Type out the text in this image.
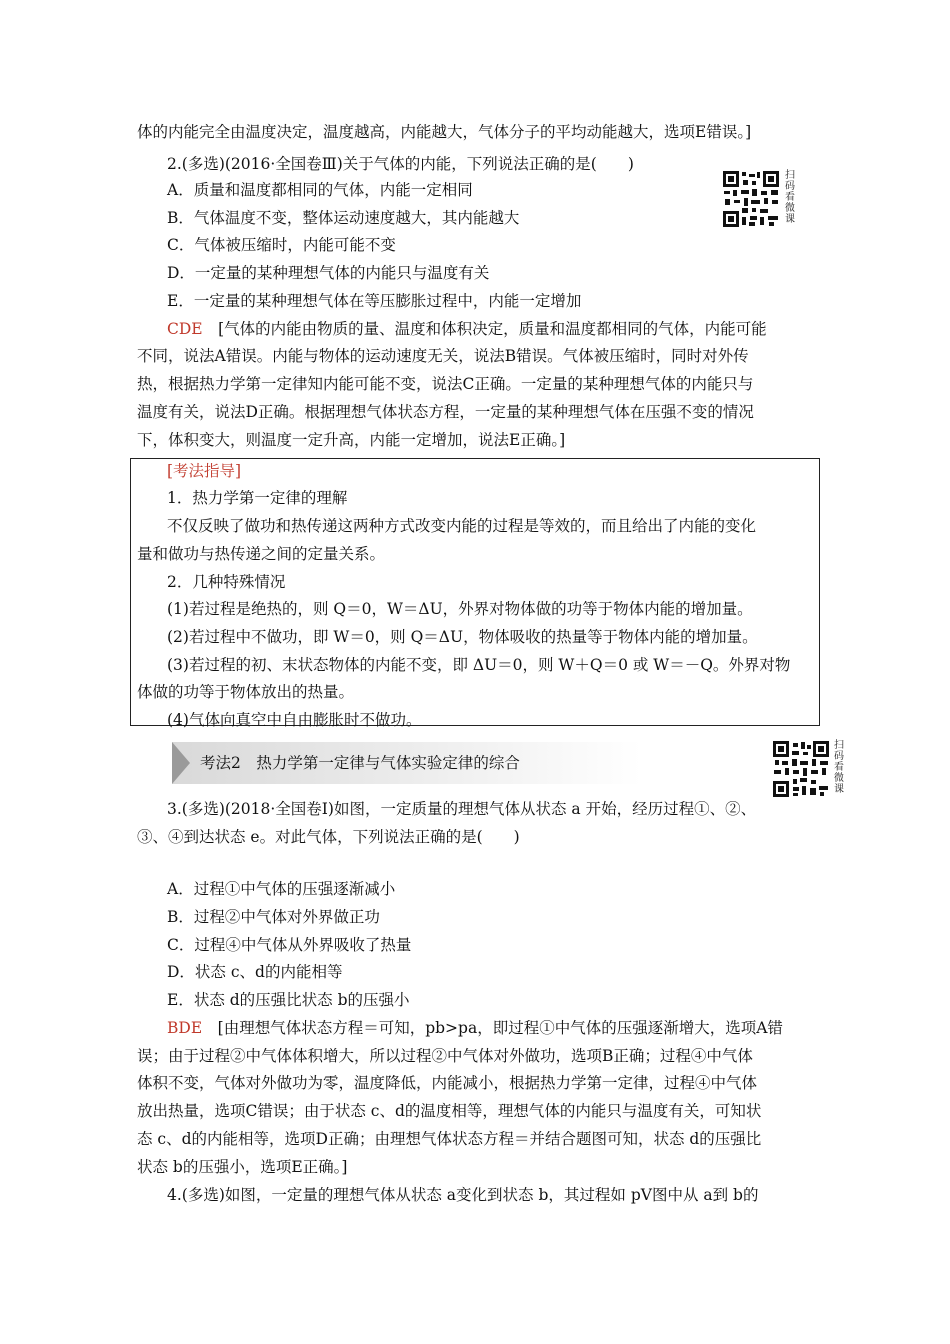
体的内能完全由温度决定，温度越高，内能越大，气体分子的平均动能越大，选项E错误。]
2.(多选)(2016·全国卷Ⅲ)关于气体的内能，下列说法正确的是(　　)
扫
码
看
微
课
A．质量和温度都相同的气体，内能一定相同
B．气体温度不变，整体运动速度越大，其内能越大
C．气体被压缩时，内能可能不变
D．一定量的某种理想气体的内能只与温度有关
E．一定量的某种理想气体在等压膨胀过程中，内能一定增加
CDE　 [气体的内能由物质的量、温度和体积决定，质量和温度都相同的气体，内能可能
不同，说法A错误。内能与物体的运动速度无关，说法B错误。气体被压缩时，同时对外传
热，根据热力学第一定律知内能可能不变，说法C正确。一定量的某种理想气体的内能只与
温度有关，说法D正确。根据理想气体状态方程，一定量的某种理想气体在压强不变的情况
下，体积变大，则温度一定升高，内能一定增加，说法E正确。]
[考法指导]
1．热力学第一定律的理解
不仅反映了做功和热传递这两种方式改变内能的过程是等效的，而且给出了内能的变化
量和做功与热传递之间的定量关系。
2．几种特殊情况
(1)若过程是绝热的，则 Q＝0，W＝ΔU，外界对物体做的功等于物体内能的增加量。
(2)若过程中不做功，即 W＝0，则 Q＝ΔU，物体吸收的热量等于物体内能的增加量。
(3)若过程的初、末状态物体的内能不变，即 ΔU＝0，则 W＋Q＝0 或 W＝－Q。外界对物
体做的功等于物体放出的热量。
(4)气体向真空中自由膨胀时不做功。
考法2　热力学第一定律与气体实验定律的综合
扫
码
看
微
课
3.(多选)(2018·全国卷Ⅰ)如图，一定质量的理想气体从状态 a 开始，经历过程①、②、
③、④到达状态 e。对此气体，下列说法正确的是(　　)
A．过程①中气体的压强逐渐减小
B．过程②中气体对外界做正功
C．过程④中气体从外界吸收了热量
D．状态 c、d的内能相等
E．状态 d的压强比状态 b的压强小
BDE　 [由理想气体状态方程＝可知，pb>pa，即过程①中气体的压强逐渐增大，选项A错
误；由于过程②中气体体积增大，所以过程②中气体对外做功，选项B正确；过程④中气体
体积不变，气体对外做功为零，温度降低，内能减小，根据热力学第一定律，过程④中气体
放出热量，选项C错误；由于状态 c、d的温度相等，理想气体的内能只与温度有关，可知状
态 c、d的内能相等，选项D正确；由理想气体状态方程＝并结合题图可知，状态 d的压强比
状态 b的压强小，选项E正确。]
4.(多选)如图，一定量的理想气体从状态 a变化到状态 b，其过程如 pV图中从 a到 b的
